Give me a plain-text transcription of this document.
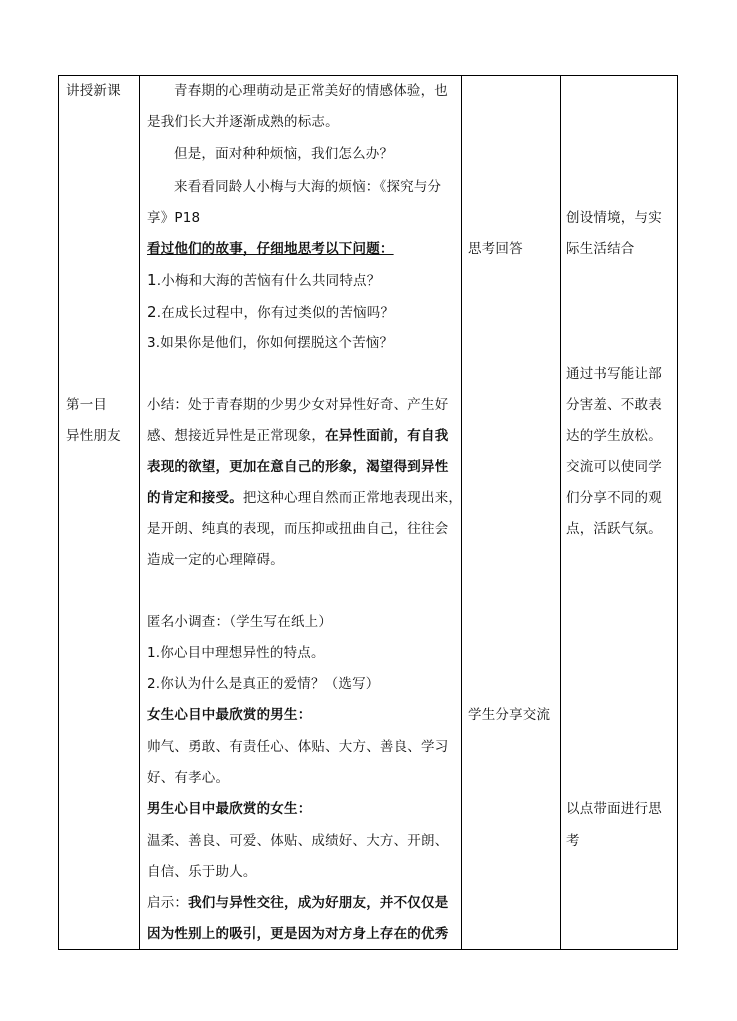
讲授新课
第一目
异性朋友
青春期的心理萌动是正常美好的情感体验，也
是我们长大并逐渐成熟的标志。
但是，面对种种烦恼，我们怎么办？
来看看同龄人小梅与大海的烦恼：《探究与分
享》P18
看过他们的故事，仔细地思考以下问题：
1.小梅和大海的苦恼有什么共同特点？
2.在成长过程中，你有过类似的苦恼吗？
3.如果你是他们，你如何摆脱这个苦恼？
小结：处于青春期的少男少女对异性好奇、产生好
感、想接近异性是正常现象，在异性面前，有自我
表现的欲望，更加在意自己的形象，渴望得到异性
的肯定和接受。把这种心理自然而正常地表现出来，
是开朗、纯真的表现，而压抑或扭曲自己，往往会
造成一定的心理障碍。
匿名小调查：（学生写在纸上）
1.你心目中理想异性的特点。
2.你认为什么是真正的爱情？（选写）
女生心目中最欣赏的男生：
帅气、勇敢、有责任心、体贴、大方、善良、学习
好、有孝心。
男生心目中最欣赏的女生：
温柔、善良、可爱、体贴、成绩好、大方、开朗、
自信、乐于助人。
启示：我们与异性交往，成为好朋友，并不仅仅是
因为性别上的吸引，更是因为对方身上存在的优秀
思考回答
学生分享交流
创设情境，与实
际生活结合
通过书写能让部
分害羞、不敢表
达的学生放松。
交流可以使同学
们分享不同的观
点，活跃气氛。
以点带面进行思
考
